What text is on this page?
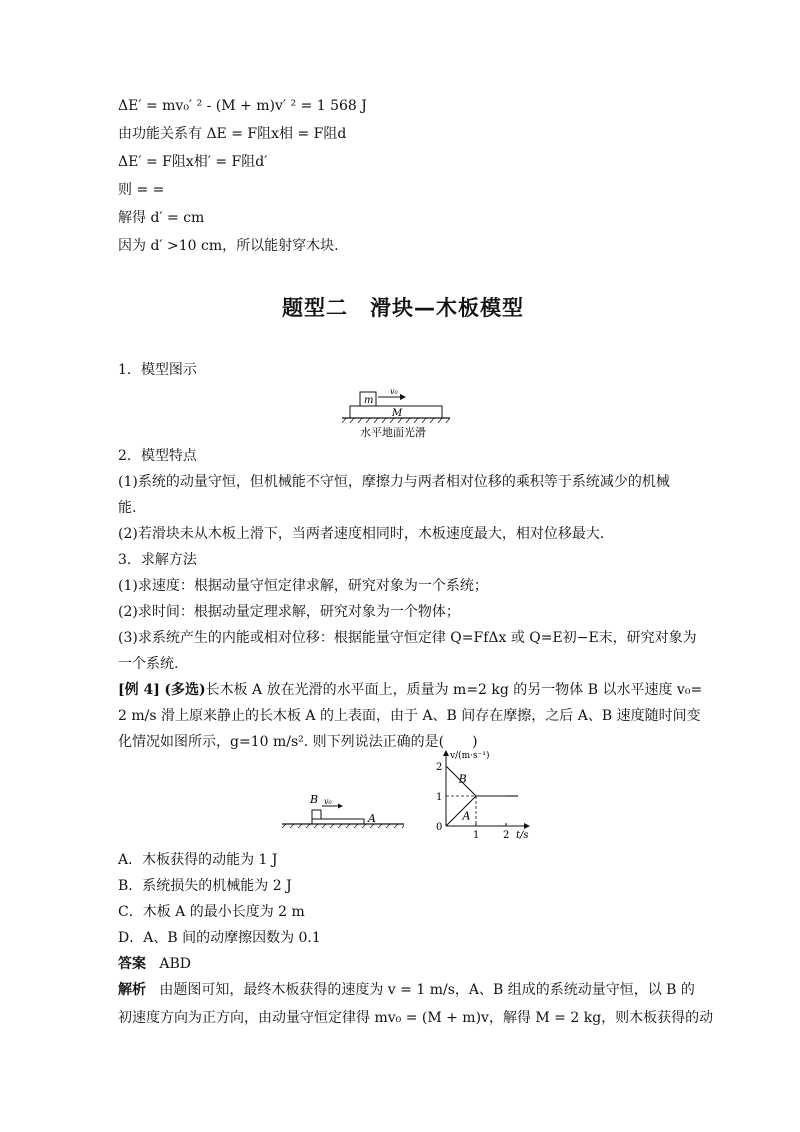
ΔE′ = mv₀′ ² - (M + m)v′ ² = 1 568 J
由功能关系有 ΔE = F阻x相 = F阻d
ΔE′ = F阻x相′ = F阻d′
则 = =
解得 d′ = cm
因为 d′ >10 cm，所以能射穿木块.
题型二　滑块—木板模型
1．模型图示
m
v₀
M
水平地面光滑
2．模型特点
(1)系统的动量守恒，但机械能不守恒，摩擦力与两者相对位移的乘积等于系统减少的机械
能.
(2)若滑块未从木板上滑下，当两者速度相同时，木板速度最大，相对位移最大.
3．求解方法
(1)求速度：根据动量守恒定律求解，研究对象为一个系统；
(2)求时间：根据动量定理求解，研究对象为一个物体；
(3)求系统产生的内能或相对位移：根据能量守恒定律 Q=FfΔx 或 Q=E初−E末，研究对象为
一个系统.
[例 4] (多选)长木板 A 放在光滑的水平面上，质量为 m=2 kg 的另一物体 B 以水平速度 v₀=
2 m/s 滑上原来静止的长木板 A 的上表面，由于 A、B 间存在摩擦，之后 A、B 速度随时间变
化情况如图所示，g=10 m/s². 则下列说法正确的是(　　)
B v₀
A
v/(m·s⁻¹)
t/s
0
1 2
1
2
B
A
A．木板获得的动能为 1 J
B．系统损失的机械能为 2 J
C．木板 A 的最小长度为 2 m
D．A、B 间的动摩擦因数为 0.1
答案 ABD
解析 由题图可知，最终木板获得的速度为 v = 1 m/s，A、B 组成的系统动量守恒，以 B 的
初速度方向为正方向，由动量守恒定律得 mv₀ = (M + m)v，解得 M = 2 kg，则木板获得的动
